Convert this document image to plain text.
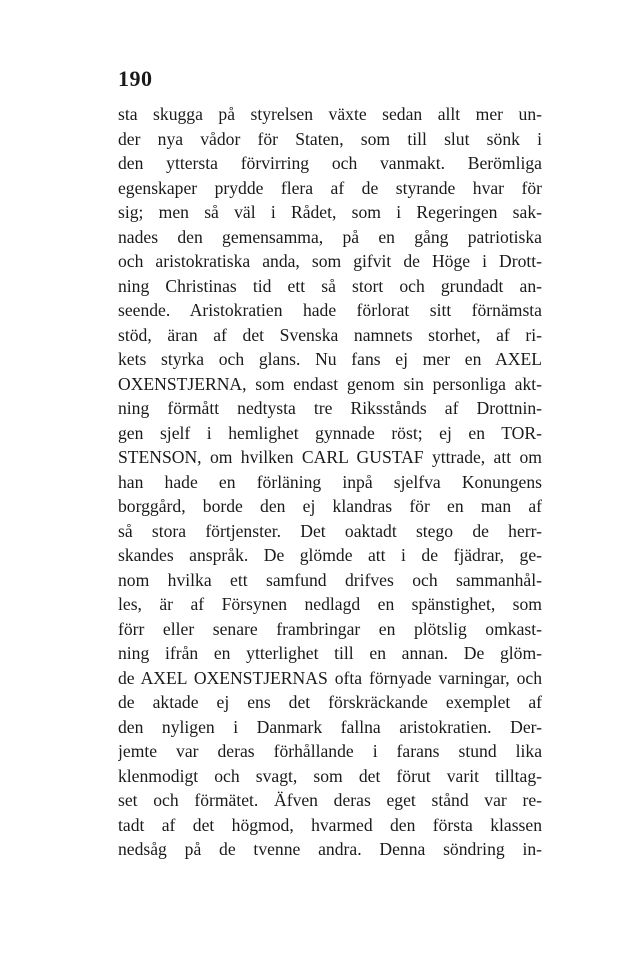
190
sta skugga på styrelsen växte sedan allt mer un-
der nya vådor för Staten, som till slut sönk i
den yttersta förvirring och vanmakt. Berömliga
egenskaper prydde flera af de styrande hvar för
sig; men så väl i Rådet, som i Regeringen sak-
nades den gemensamma, på en gång patriotiska
och aristokratiska anda, som gifvit de Höge i Drott-
ning Christinas tid ett så stort och grundadt an-
seende. Aristokratien hade förlorat sitt förnämsta
stöd, äran af det Svenska namnets storhet, af ri-
kets styrka och glans. Nu fans ej mer en AXEL
OXENSTJERNA, som endast genom sin personliga akt-
ning förmått nedtysta tre Riksstånds af Drottnin-
gen sjelf i hemlighet gynnade röst; ej en TOR-
STENSON, om hvilken CARL GUSTAF yttrade, att om
han hade en förläning inpå sjelfva Konungens
borggård, borde den ej klandras för en man af
så stora förtjenster. Det oaktadt stego de herr-
skandes anspråk. De glömde att i de fjädrar, ge-
nom hvilka ett samfund drifves och sammanhål-
les, är af Försynen nedlagd en spänstighet, som
förr eller senare frambringar en plötslig omkast-
ning ifrån en ytterlighet till en annan. De glöm-
de AXEL OXENSTJERNAS ofta förnyade varningar, och
de aktade ej ens det förskräckande exemplet af
den nyligen i Danmark fallna aristokratien. Der-
jemte var deras förhållande i farans stund lika
klenmodigt och svagt, som det förut varit tilltag-
set och förmätet. Äfven deras eget stånd var re-
tadt af det högmod, hvarmed den första klassen
nedsåg på de tvenne andra. Denna söndring in-
